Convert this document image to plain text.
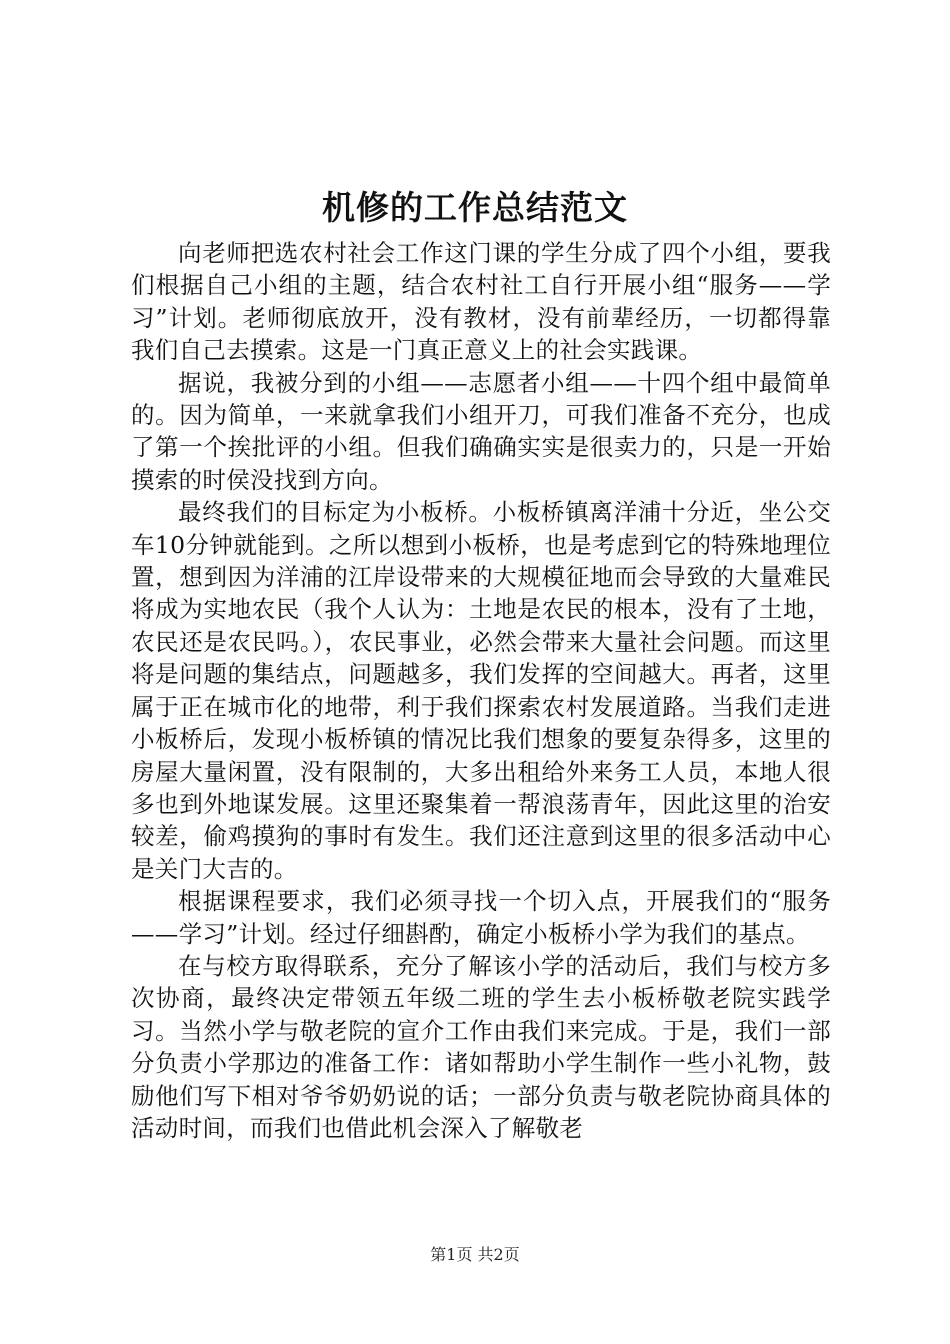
机修的工作总结范文

向老师把选农村社会工作这门课的学生分成了四个小组，要我们根据自己小组的主题，结合农村社工自行开展小组“服务——学习”计划。老师彻底放开，没有教材，没有前辈经历，一切都得靠我们自己去摸索。这是一门真正意义上的社会实践课。

据说，我被分到的小组——志愿者小组——十四个组中最简单的。因为简单，一来就拿我们小组开刀，可我们准备不充分，也成了第一个挨批评的小组。但我们确确实实是很卖力的，只是一开始摸索的时侯没找到方向。

最终我们的目标定为小板桥。小板桥镇离洋浦十分近，坐公交车10分钟就能到。之所以想到小板桥，也是考虑到它的特殊地理位置，想到因为洋浦的江岸设带来的大规模征地而会导致的大量难民将成为实地农民（我个人认为：土地是农民的根本，没有了土地，农民还是农民吗。），农民事业，必然会带来大量社会问题。而这里将是问题的集结点，问题越多，我们发挥的空间越大。再者，这里属于正在城市化的地带，利于我们探索农村发展道路。当我们走进小板桥后，发现小板桥镇的情况比我们想象的要复杂得多，这里的房屋大量闲置，没有限制的，大多出租给外来务工人员，本地人很多也到外地谋发展。这里还聚集着一帮浪荡青年，因此这里的治安较差，偷鸡摸狗的事时有发生。我们还注意到这里的很多活动中心是关门大吉的。

根据课程要求，我们必须寻找一个切入点，开展我们的“服务——学习”计划。经过仔细斟酌，确定小板桥小学为我们的基点。

在与校方取得联系，充分了解该小学的活动后，我们与校方多次协商，最终决定带领五年级二班的学生去小板桥敬老院实践学习。当然小学与敬老院的宣介工作由我们来完成。于是，我们一部分负责小学那边的准备工作：诸如帮助小学生制作一些小礼物，鼓励他们写下相对爷爷奶奶说的话；一部分负责与敬老院协商具体的活动时间，而我们也借此机会深入了解敬老

第1页 共2页
